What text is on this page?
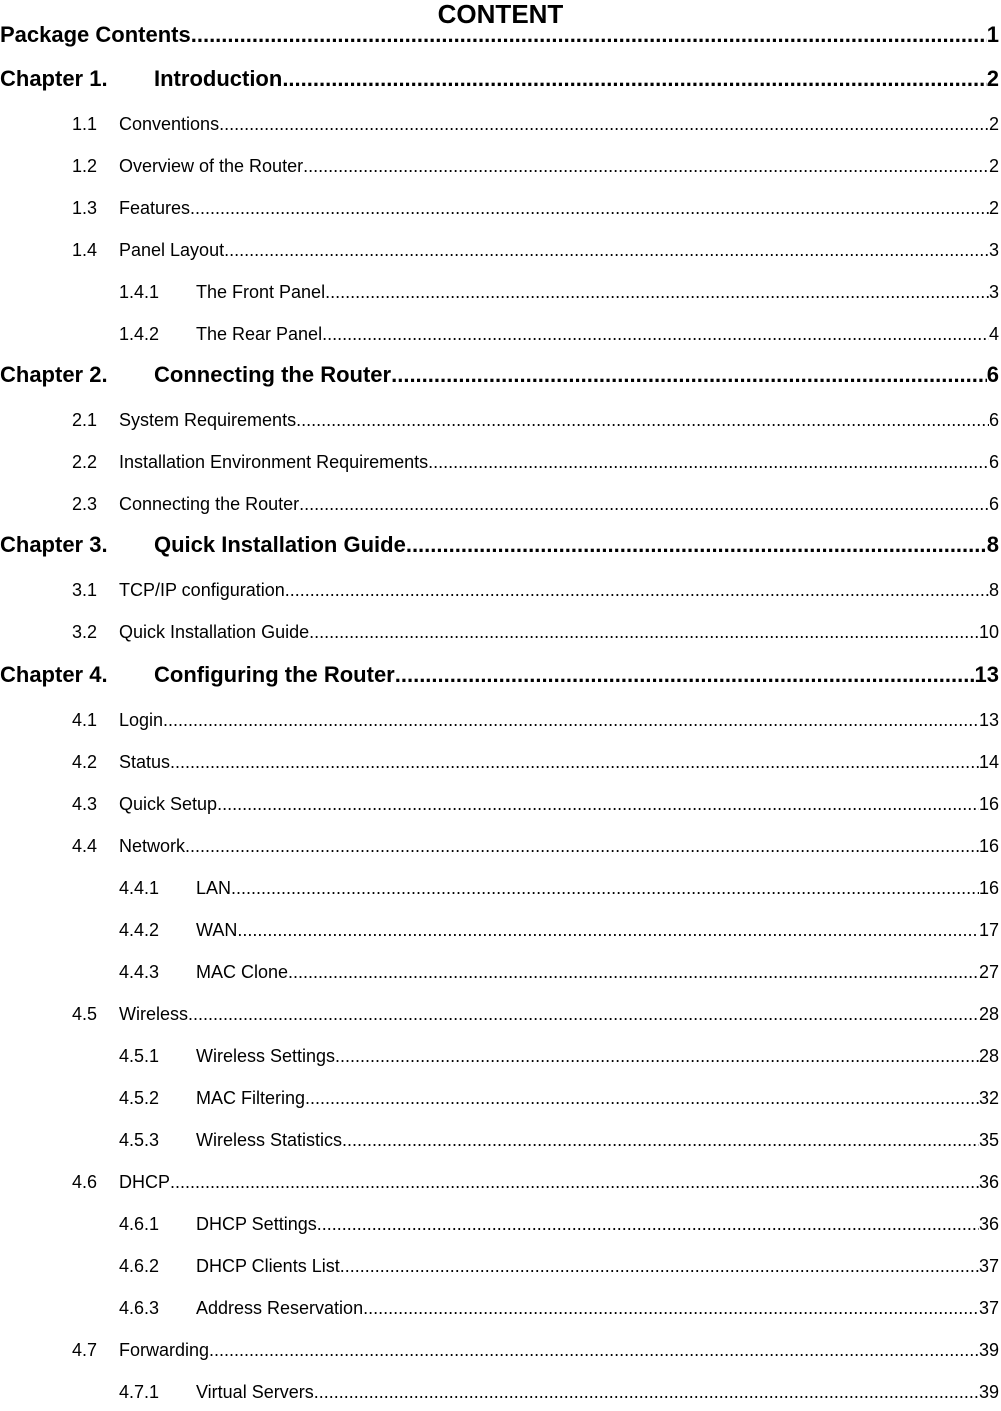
CONTENT
Package Contents .....	1
Chapter 1.	Introduction .....	2
1.1	Conventions .....	2
1.2	Overview of the Router .....	2
1.3	Features .....	2
1.4	Panel Layout .....	3
1.4.1	The Front Panel .....	3
1.4.2	The Rear Panel .....	4
Chapter 2.	Connecting the Router .....	6
2.1	System Requirements .....	6
2.2	Installation Environment Requirements .....	6
2.3	Connecting the Router .....	6
Chapter 3.	Quick Installation Guide .....	8
3.1	TCP/IP configuration .....	8
3.2	Quick Installation Guide .....	10
Chapter 4.	Configuring the Router .....	13
4.1	Login .....	13
4.2	Status .....	14
4.3	Quick Setup .....	16
4.4	Network .....	16
4.4.1	LAN .....	16
4.4.2	WAN .....	17
4.4.3	MAC Clone .....	27
4.5	Wireless .....	28
4.5.1	Wireless Settings .....	28
4.5.2	MAC Filtering .....	32
4.5.3	Wireless Statistics .....	35
4.6	DHCP .....	36
4.6.1	DHCP Settings .....	36
4.6.2	DHCP Clients List .....	37
4.6.3	Address Reservation .....	37
4.7	Forwarding .....	39
4.7.1	Virtual Servers .....	39
